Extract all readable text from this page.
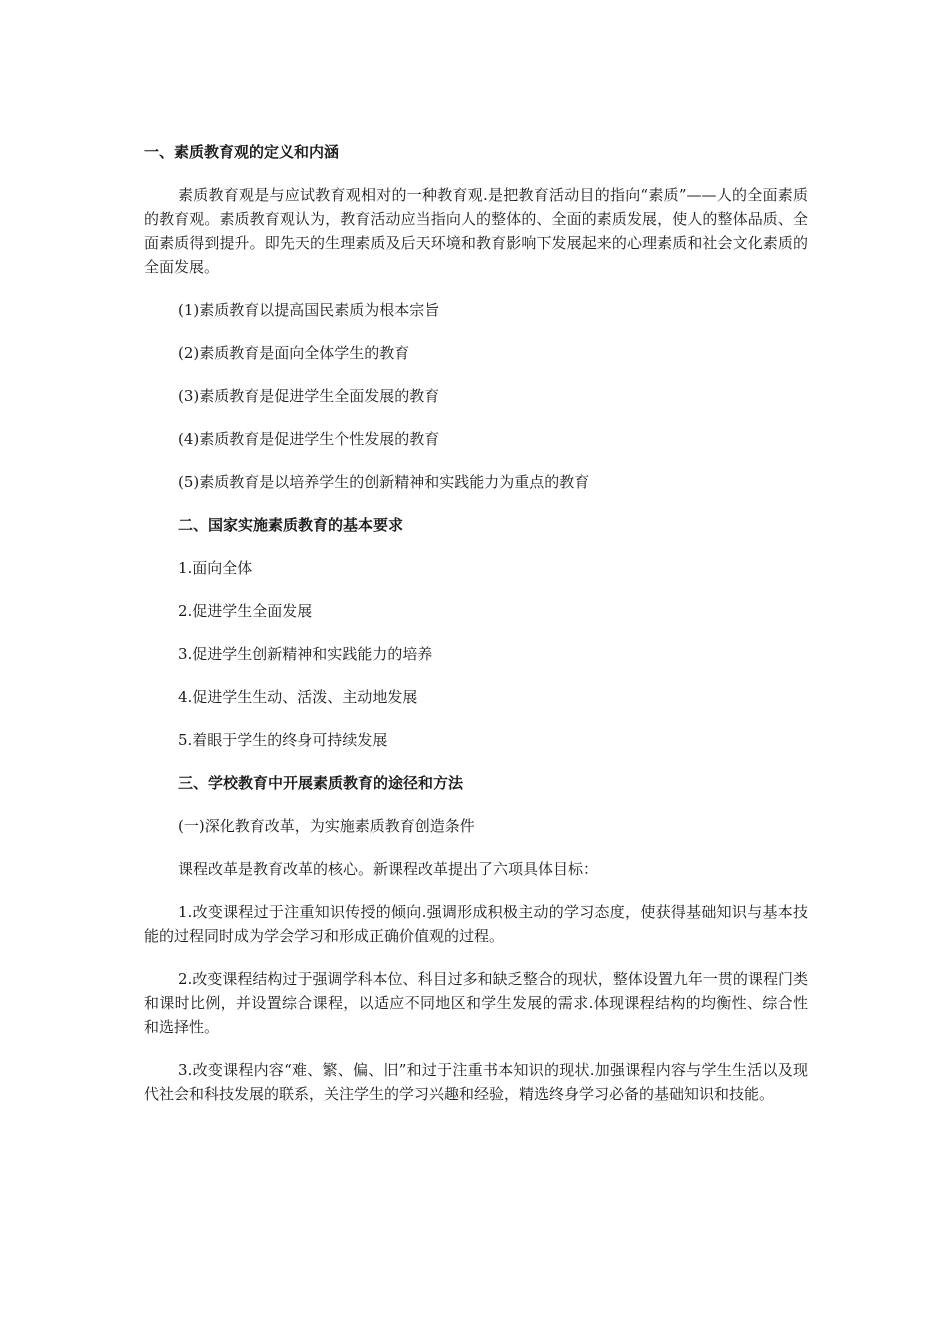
一、素质教育观的定义和内涵

素质教育观是与应试教育观相对的一种教育观.是把教育活动目的指向“素质”——人的全面素质的教育观。素质教育观认为，教育活动应当指向人的整体的、全面的素质发展，使人的整体品质、全面素质得到提升。即先天的生理素质及后天环境和教育影响下发展起来的心理素质和社会文化素质的全面发展。

(1)素质教育以提高国民素质为根本宗旨
(2)素质教育是面向全体学生的教育
(3)素质教育是促进学生全面发展的教育
(4)素质教育是促进学生个性发展的教育
(5)素质教育是以培养学生的创新精神和实践能力为重点的教育
二、国家实施素质教育的基本要求
1.面向全体
2.促进学生全面发展
3.促进学生创新精神和实践能力的培养
4.促进学生生动、活泼、主动地发展
5.着眼于学生的终身可持续发展
三、学校教育中开展素质教育的途径和方法
(一)深化教育改革，为实施素质教育创造条件
课程改革是教育改革的核心。新课程改革提出了六项具体目标：

1.改变课程过于注重知识传授的倾向.强调形成积极主动的学习态度，使获得基础知识与基本技能的过程同时成为学会学习和形成正确价值观的过程。

2.改变课程结构过于强调学科本位、科目过多和缺乏整合的现状，整体设置九年一贯的课程门类和课时比例，并设置综合课程，以适应不同地区和学生发展的需求.体现课程结构的均衡性、综合性和选择性。

3.改变课程内容“难、繁、偏、旧”和过于注重书本知识的现状.加强课程内容与学生生活以及现代社会和科技发展的联系，关注学生的学习兴趣和经验，精选终身学习必备的基础知识和技能。
